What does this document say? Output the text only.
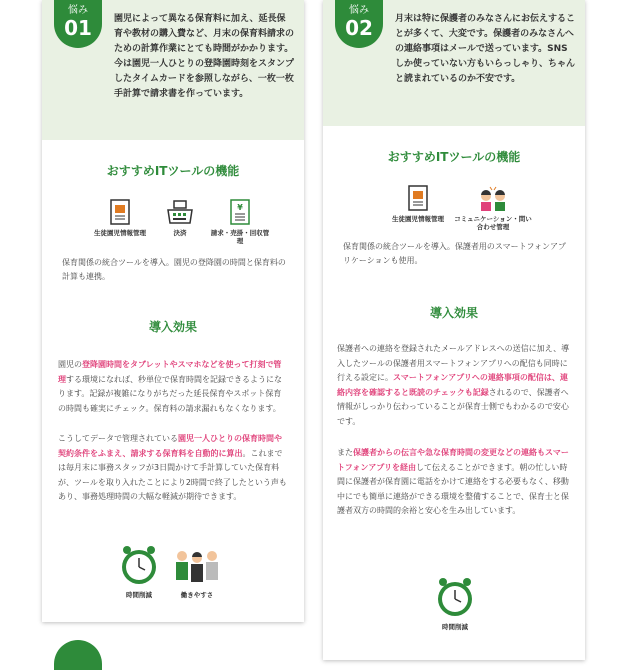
悩み
01	園児によって異なる保育料に加え、延長保育や教材の購入費など、月末の保育料請求のための計算作業にとても時間がかかります。今は園児一人ひとりの登降園時刻をスタンプしたタイムカードを参照しながら、一枚一枚手計算で請求書を作っています。

おすすめITツールの機能
生徒園児情報管理	決済
¥
請求・売掛・回収管理

保育関係の統合ツールを導入。園児の登降園の時間と保育料の計算も連携。

導入効果

園児の登降園時間をタブレットやスマホなどを使って打刻で管理する環境になれば、秒単位で保育時間を記録できるようになります。記録が複雑になりがちだった延長保育やスポット保育の時間も確実にチェック。保育料の請求漏れもなくなります。

こうしてデータで管理されている園児一人ひとりの保育時間や契約条件をふまえ、請求する保育料を自動的に算出。これまでは毎月末に事務スタッフが3日間かけて手計算していた保育料が、ツールを取り入れたことにより2時間で終了したという声もあり、事務処理時間の大幅な軽減が期待できます。

時間削減	働きやすさ
悩み
02	月末は特に保護者のみなさんにお伝えすることが多くて、大変です。保護者のみなさんへの連絡事項はメールで送っています。SNSしか使っていない方もいらっしゃり、ちゃんと読まれているのか不安です。

おすすめITツールの機能
生徒園児情報管理	コミュニケーション・問い合わせ管理

保育関係の統合ツールを導入。保護者用のスマートフォンアプリケーションも使用。

導入効果

保護者への連絡を登録されたメールアドレスへの送信に加え、導入したツールの保護者用スマートフォンアプリへの配信も同時に行える設定に。スマートフォンアプリへの連絡事項の配信は、連絡内容を確認すると既読のチェックも記録されるので、保護者へ情報がしっかり伝わっていることが保育士側でもわかるので安心です。

また保護者からの伝言や急な保育時間の変更などの連絡もスマートフォンアプリを経由して伝えることができます。朝の忙しい時間に保護者が保育園に電話をかけて連絡をする必要もなく、移動中にでも簡単に連絡ができる環境を整備することで、保育士と保護者双方の時間的余裕と安心を生み出しています。

時間削減
